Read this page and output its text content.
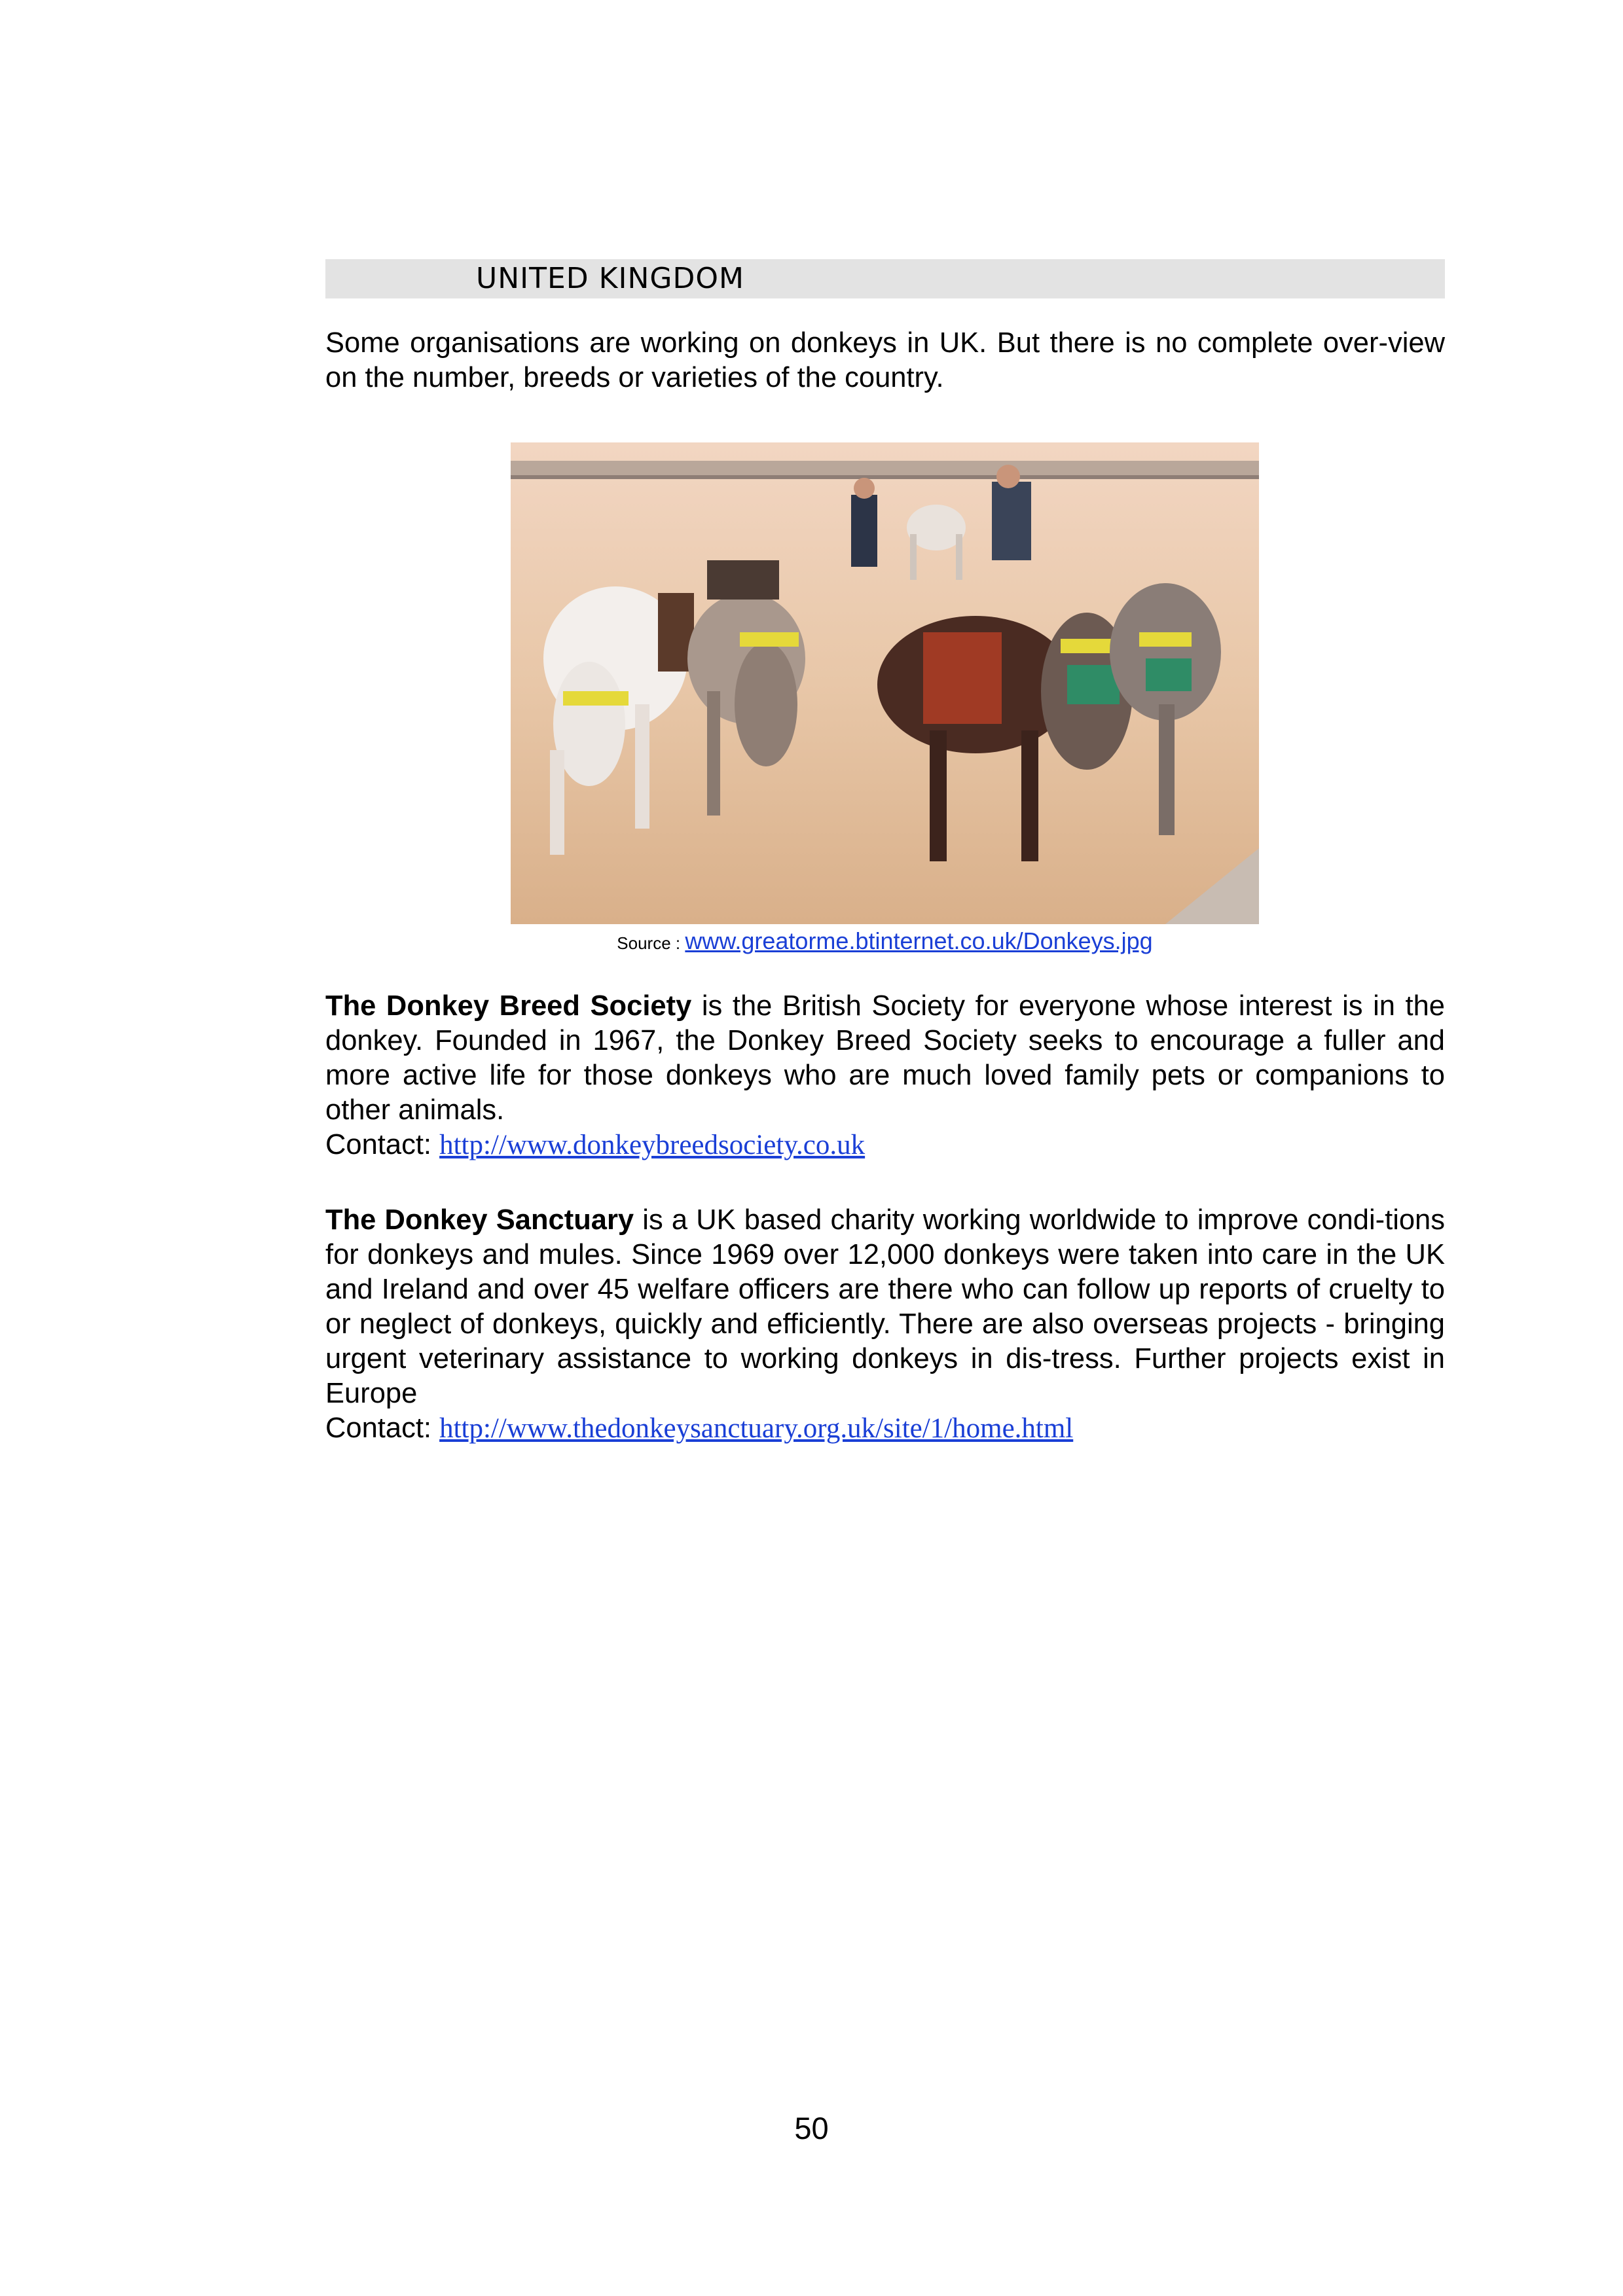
UNITED KINGDOM

Some organisations are working on donkeys in UK. But there is no complete over-view on the number, breeds or varieties of the country.

Source : www.greatorme.btinternet.co.uk/Donkeys.jpg

The Donkey Breed Society is the British Society for everyone whose interest is in the donkey. Founded in 1967, the Donkey Breed Society seeks to encourage a fuller and more active life for those donkeys who are much loved family pets or companions to other animals.

Contact: http://www.donkeybreedsociety.co.uk

The Donkey Sanctuary is a UK based charity working worldwide to improve condi-tions for donkeys and mules. Since 1969 over 12,000 donkeys were taken into care in the UK and Ireland and over 45 welfare officers are there who can follow up reports of cruelty to or neglect of donkeys, quickly and efficiently. There are also overseas projects - bringing urgent veterinary assistance to working donkeys in dis-tress. Further projects exist in Europe

Contact: http://www.thedonkeysanctuary.org.uk/site/1/home.html

50
